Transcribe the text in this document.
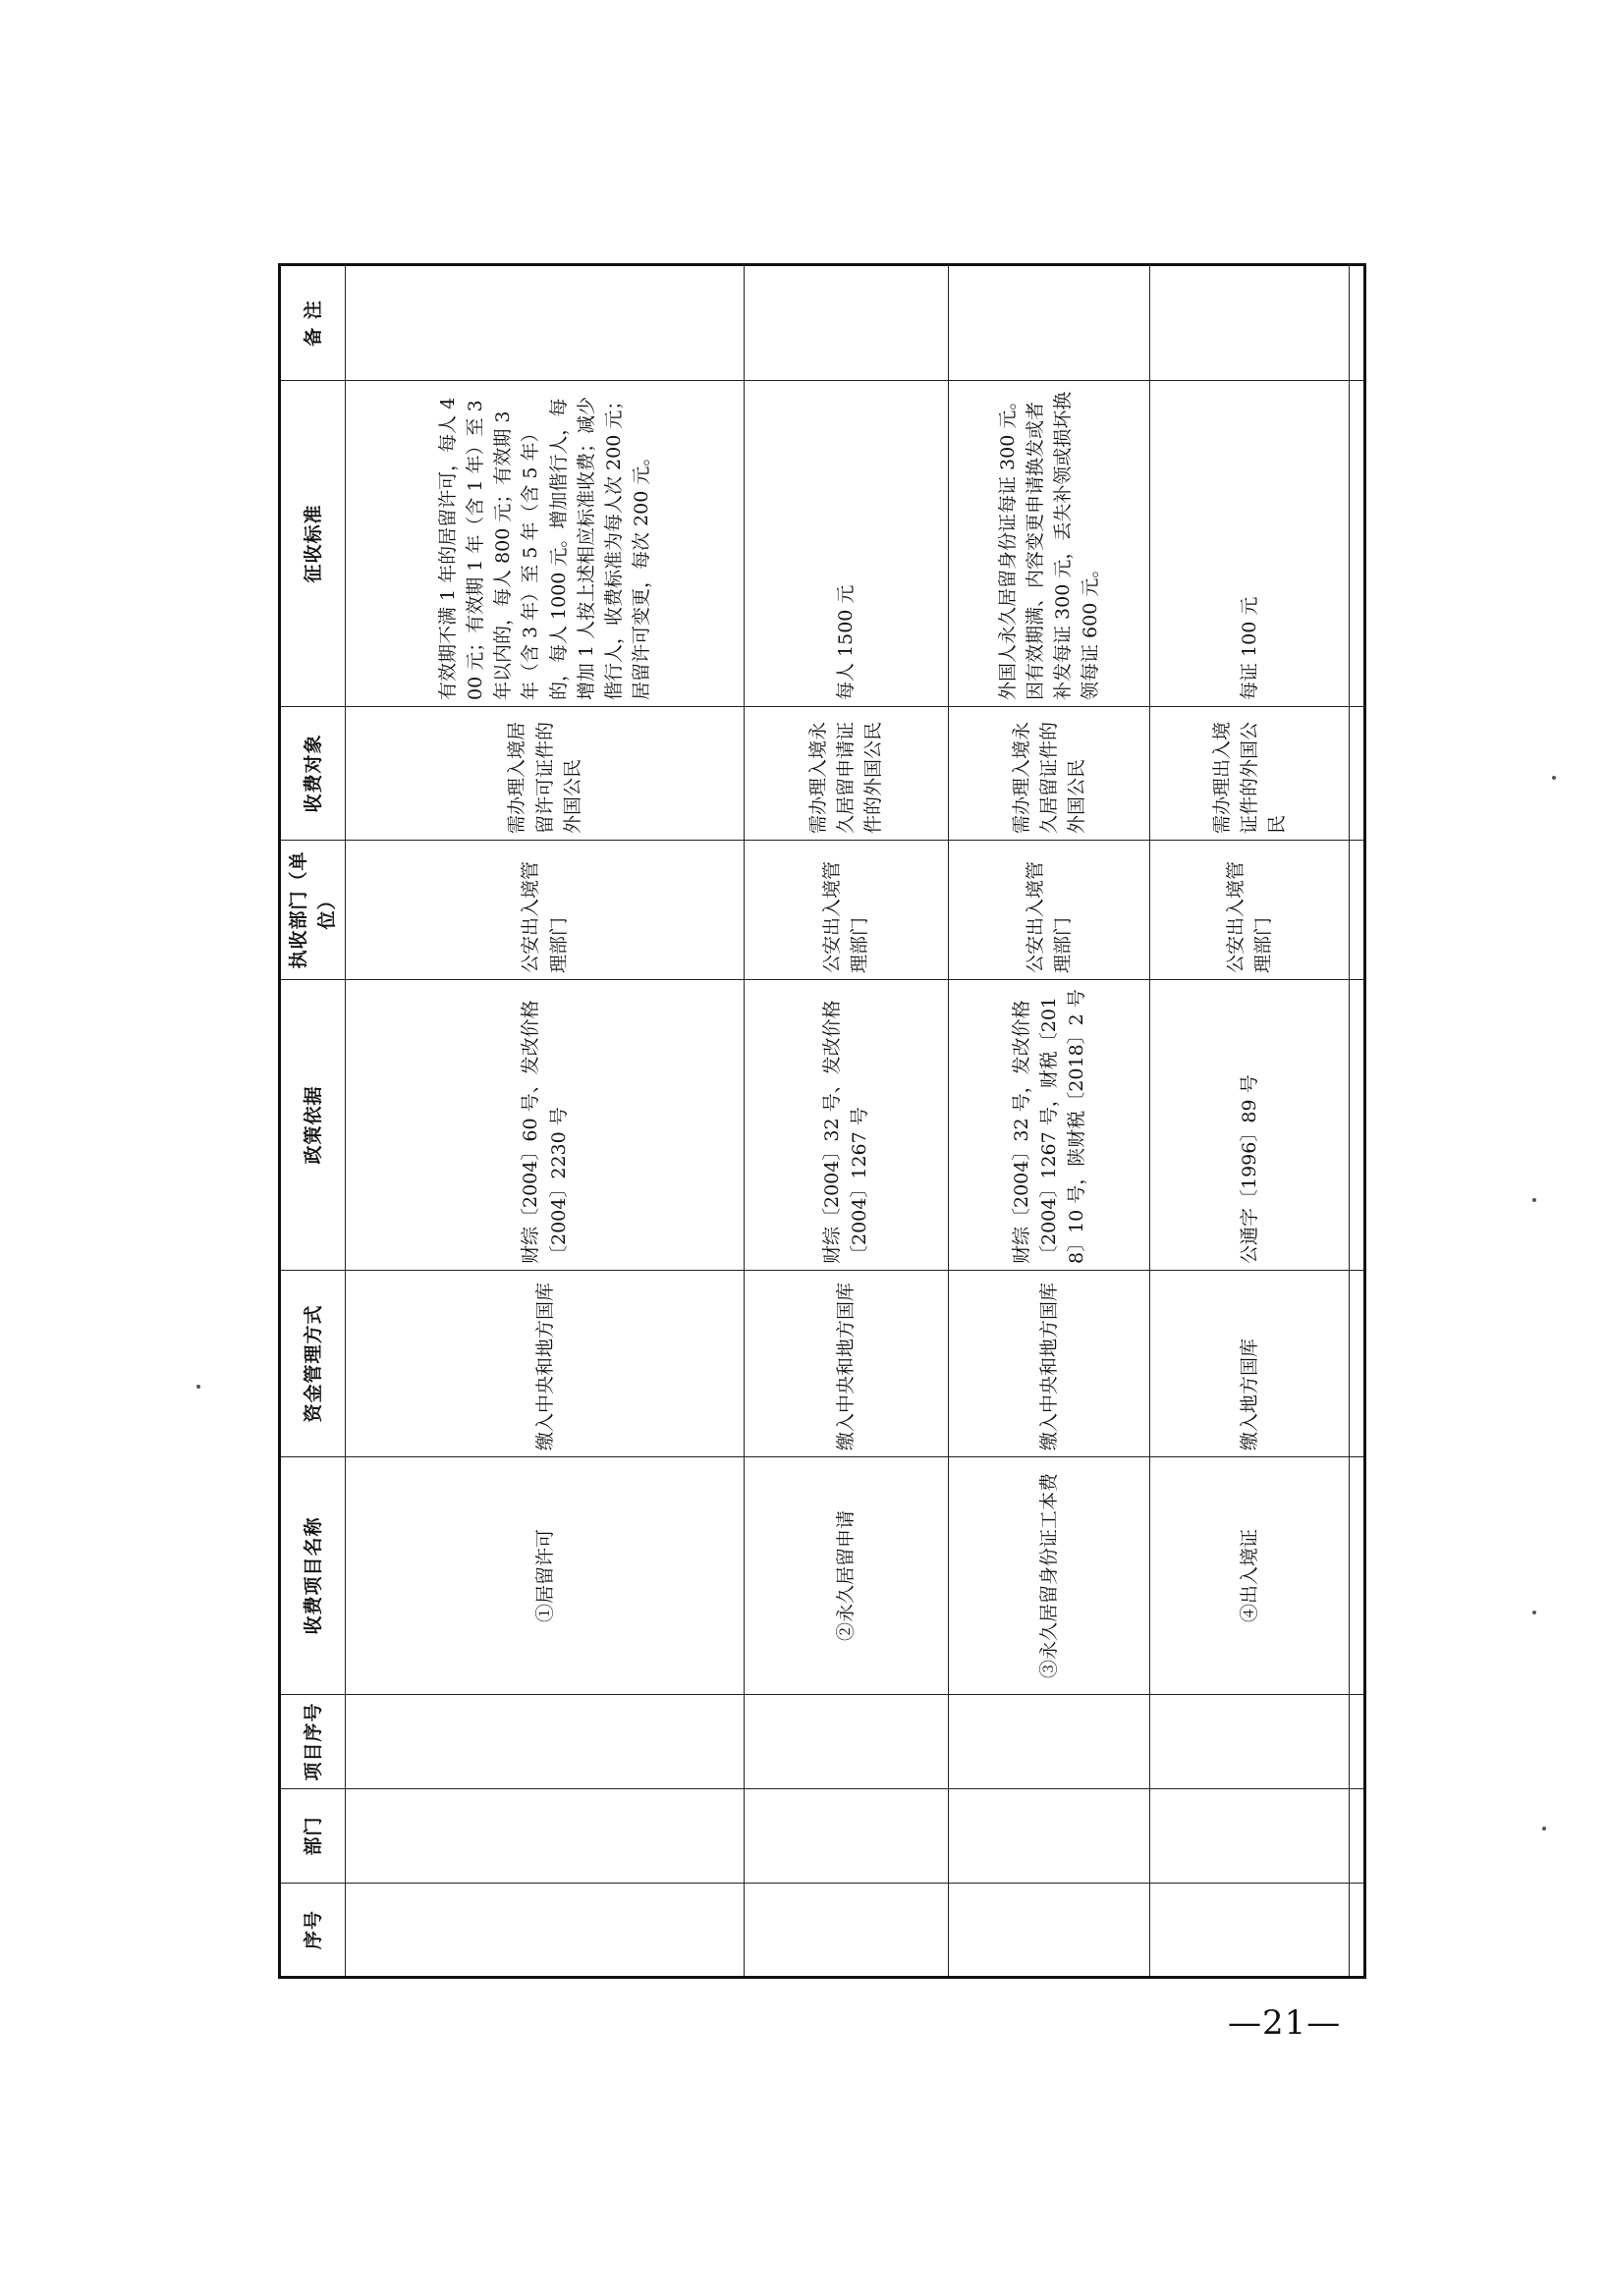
序号	部门	项目序号	收费项目名称	资金管理方式	政策依据	执收部门（单位）	收费对象	征收标准	备 注
			①居留许可	缴入中央和地方国库	财综〔2004〕60 号、发改价格〔2004〕2230 号	公安出入境管理部门	需办理入境居留许可证件的外国公民	有效期不满 1 年的居留许可，每人 400 元；有效期 1 年（含 1 年）至 3 年以内的，每人 800 元；有效期 3 年（含 3 年）至 5 年（含 5 年）的，每人 1000 元。增加偕行人，每增加 1 人按上述相应标准收费；减少偕行人，收费标准为每人次 200 元；居留许可变更，每次 200 元。	
			②永久居留申请	缴入中央和地方国库	财综〔2004〕32 号、发改价格〔2004〕1267 号	公安出入境管理部门	需办理入境永久居留申请证件的外国公民	每人 1500 元	
			③永久居留身份证工本费	缴入中央和地方国库	财综〔2004〕32 号，发改价格〔2004〕1267 号，财税〔2018〕10 号，陕财税〔2018〕2 号	公安出入境管理部门	需办理入境永久居留证件的外国公民	外国人永久居留身份证每证 300 元。因有效期满、内容变更申请换发或者补发每证 300 元，丢失补领或损坏换领每证 600 元。	
			④出入境证	缴入地方国库	公通字〔1996〕89 号	公安出入境管理部门	需办理出入境证件的外国公民	每证 100 元	

—21—
